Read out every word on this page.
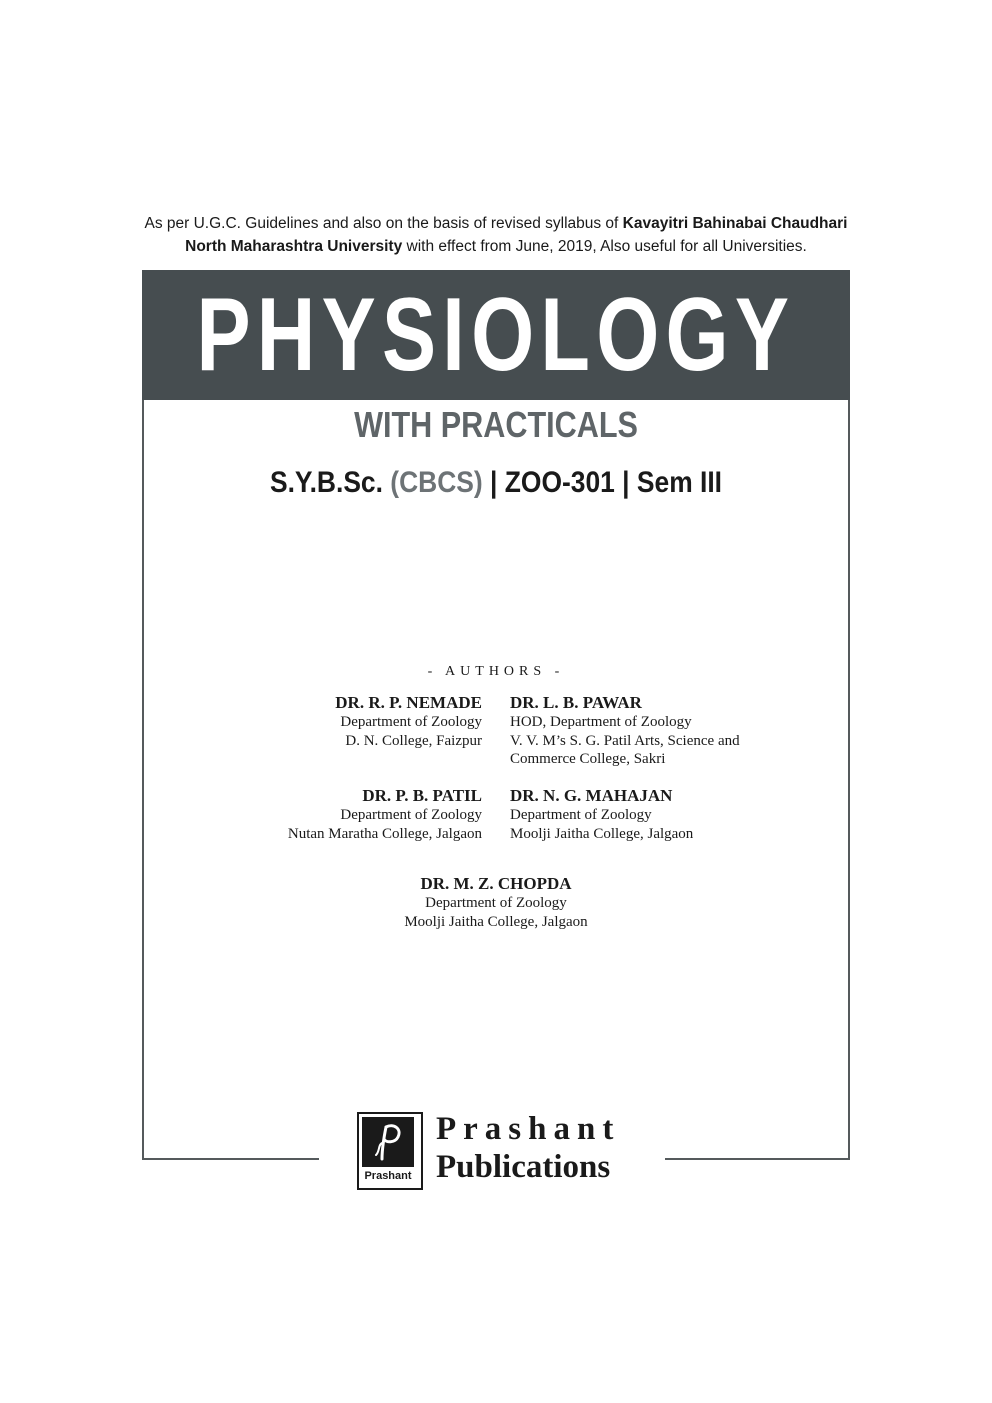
As per U.G.C. Guidelines and also on the basis of revised syllabus of Kavayitri Bahinabai Chaudhari
North Maharashtra University with effect from June, 2019, Also useful for all Universities.
PHYSIOLOGY
WITH PRACTICALS
S.Y.B.Sc. (CBCS) | ZOO-301 | Sem III
- AUTHORS -
DR. R. P. NEMADE
Department of Zoology
D. N. College, Faizpur
DR. L. B. PAWAR
HOD, Department of Zoology
V. V. M’s S. G. Patil Arts, Science and
Commerce College, Sakri
DR. P. B. PATIL
Department of Zoology
Nutan Maratha College, Jalgaon
DR. N. G. MAHAJAN
Department of Zoology
Moolji Jaitha College, Jalgaon
DR. M. Z. CHOPDA
Department of Zoology
Moolji Jaitha College, Jalgaon
Prashant
Prashant
Publications
